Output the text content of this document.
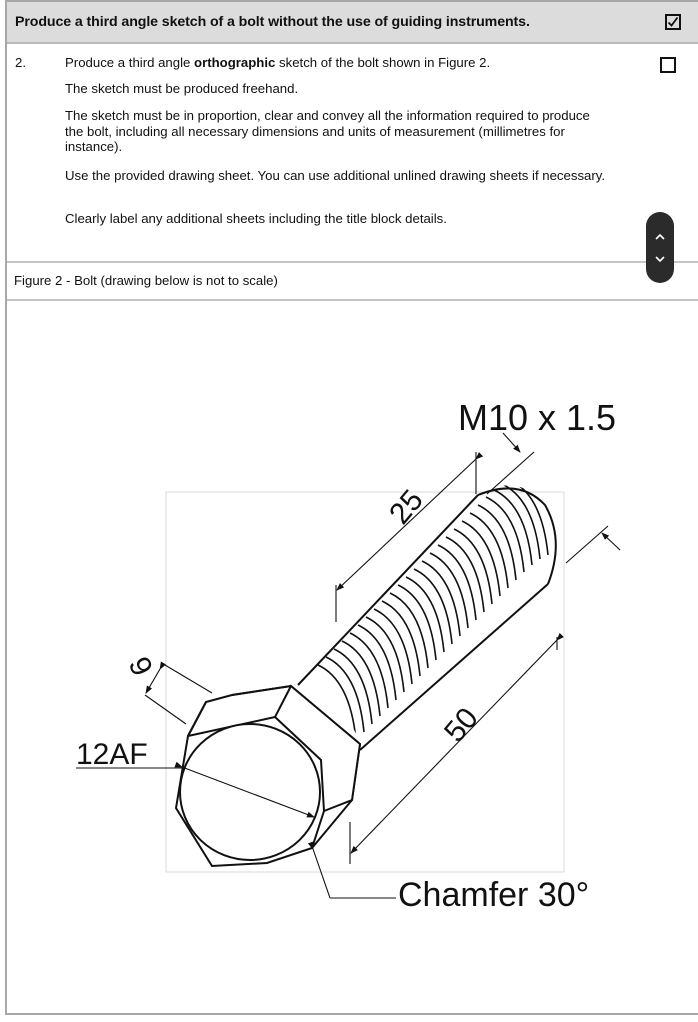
Produce a third angle sketch of a bolt without the use of guiding instruments.
2.	Produce a third angle orthographic sketch of the bolt shown in Figure 2.
The sketch must be produced freehand.
The sketch must be in proportion, clear and convey all the information required to produce the bolt, including all necessary dimensions and units of measurement (millimetres for instance).
Use the provided drawing sheet. You can use additional unlined drawing sheets if necessary.
Clearly label any additional sheets including the title block details.
Figure 2 - Bolt (drawing below is not to scale)
M10 x 1.5
25
50
9
12AF
Chamfer 30°
